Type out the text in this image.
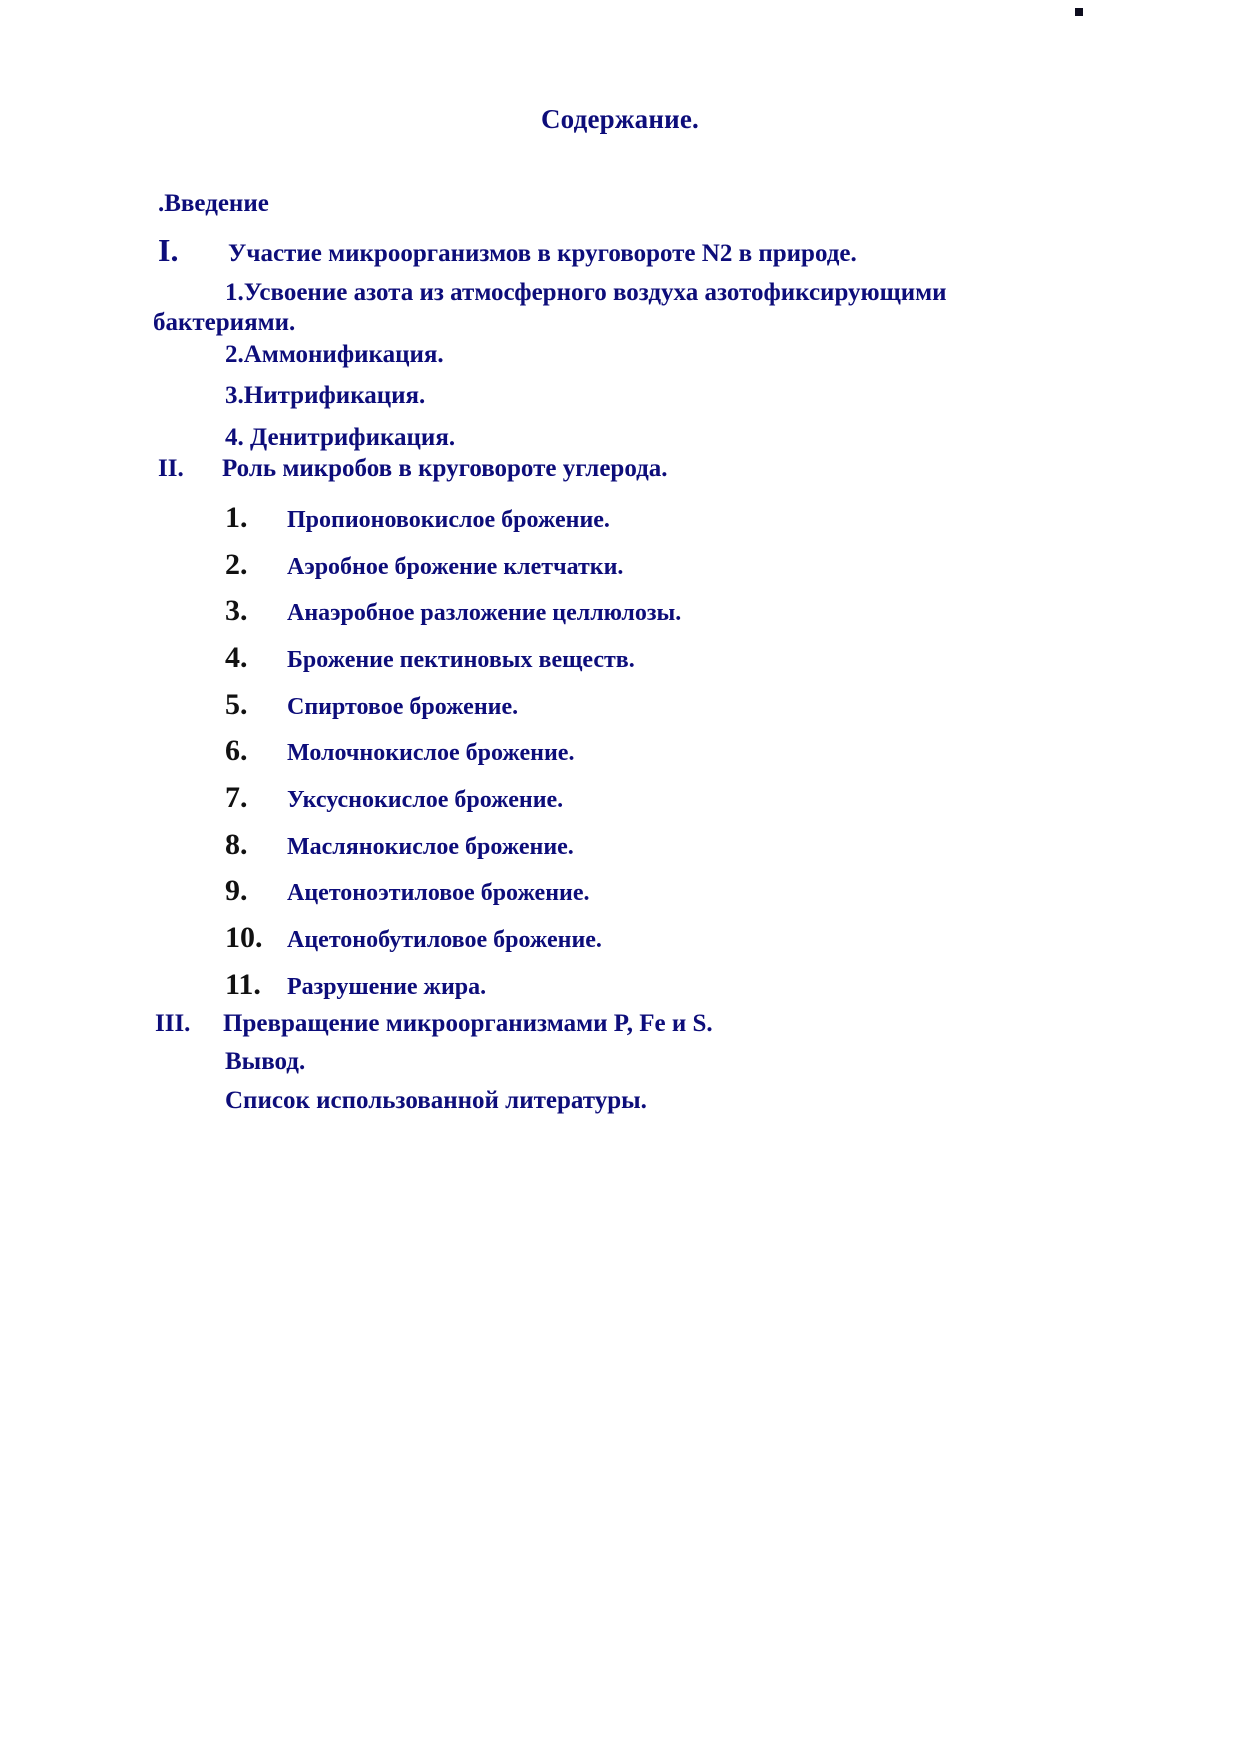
Содержание.
.Введение
I.	Участие микроорганизмов в круговороте N2 в природе.
1.Усвоение азота из атмосферного воздуха азотофиксирующими бактериями.
2.Аммонификация.
3.Нитрификация.
4. Денитрификация.
II.	Роль микробов в круговороте углерода.
1.	Пропионовокислое брожение.
2.	Аэробное брожение клетчатки.
3.	Анаэробное разложение целлюлозы.
4.	Брожение пектиновых веществ.
5.	Спиртовое брожение.
6.	Молочнокислое брожение.
7.	Уксуснокислое брожение.
8.	Маслянокислое брожение.
9.	Ацетоноэтиловое брожение.
10.	Ацетонобутиловое брожение.
11.	Разрушение жира.
III.	Превращение микроорганизмами P, Fe и S.
Вывод.
Список использованной литературы.
